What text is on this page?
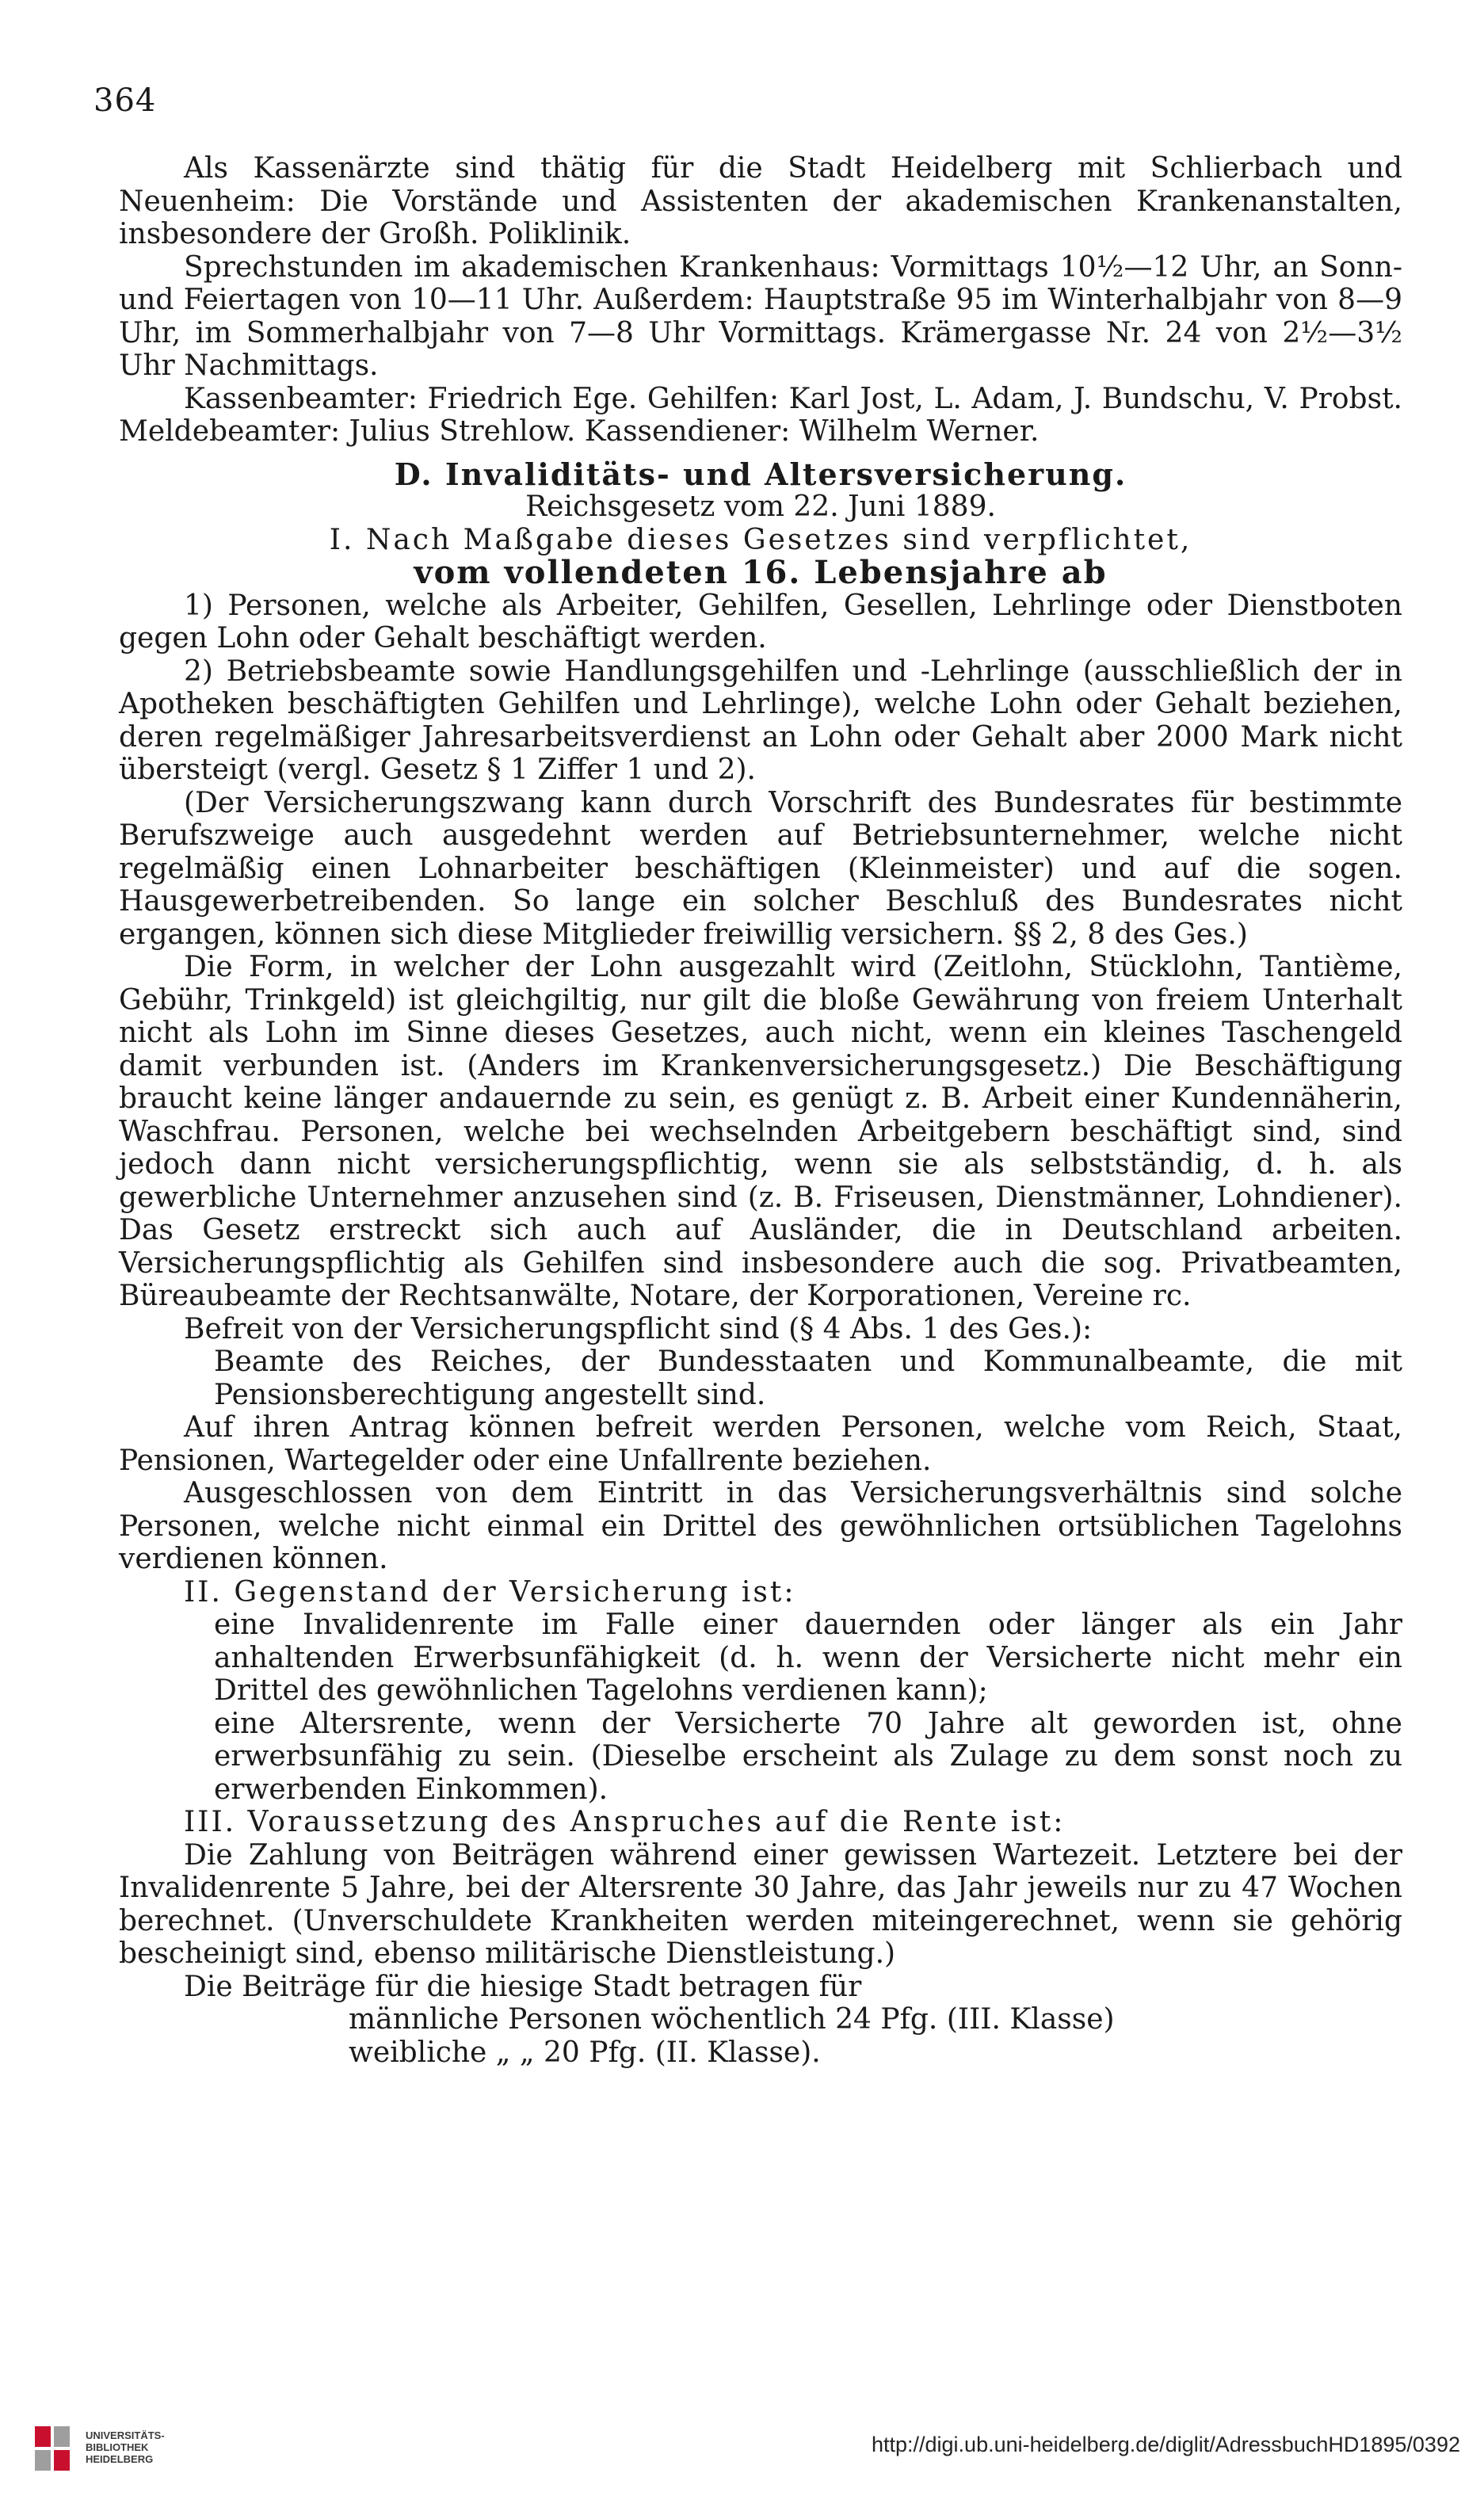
364

Als Kassenärzte sind thätig für die Stadt Heidelberg mit Schlierbach und Neuenheim: Die Vorstände und Assistenten der akademischen Krankenanstalten, insbesondere der Großh. Poliklinik.

Sprechstunden im akademischen Krankenhaus: Vormittags 10½—12 Uhr, an Sonn- und Feiertagen von 10—11 Uhr. Außerdem: Hauptstraße 95 im Winterhalbjahr von 8—9 Uhr, im Sommerhalbjahr von 7—8 Uhr Vormittags. Krämergasse Nr. 24 von 2½—3½ Uhr Nachmittags.

Kassenbeamter: Friedrich Ege. Gehilfen: Karl Jost, L. Adam, J. Bundschu, V. Probst. Meldebeamter: Julius Strehlow. Kassendiener: Wilhelm Werner.

D. Invaliditäts- und Altersversicherung.

Reichsgesetz vom 22. Juni 1889.

I. Nach Maßgabe dieses Gesetzes sind verpflichtet,

vom vollendeten 16. Lebensjahre ab

1) Personen, welche als Arbeiter, Gehilfen, Gesellen, Lehrlinge oder Dienstboten gegen Lohn oder Gehalt beschäftigt werden.

2) Betriebsbeamte sowie Handlungsgehilfen und -Lehrlinge (ausschließlich der in Apotheken beschäftigten Gehilfen und Lehrlinge), welche Lohn oder Gehalt beziehen, deren regelmäßiger Jahresarbeitsverdienst an Lohn oder Gehalt aber 2000 Mark nicht übersteigt (vergl. Gesetz § 1 Ziffer 1 und 2).

(Der Versicherungszwang kann durch Vorschrift des Bundesrates für bestimmte Berufszweige auch ausgedehnt werden auf Betriebsunternehmer, welche nicht regelmäßig einen Lohnarbeiter beschäftigen (Kleinmeister) und auf die sogen. Hausgewerbetreibenden. So lange ein solcher Beschluß des Bundesrates nicht ergangen, können sich diese Mitglieder freiwillig versichern. §§ 2, 8 des Ges.)

Die Form, in welcher der Lohn ausgezahlt wird (Zeitlohn, Stücklohn, Tantième, Gebühr, Trinkgeld) ist gleichgiltig, nur gilt die bloße Gewährung von freiem Unterhalt nicht als Lohn im Sinne dieses Gesetzes, auch nicht, wenn ein kleines Taschengeld damit verbunden ist. (Anders im Krankenversicherungsgesetz.) Die Beschäftigung braucht keine länger andauernde zu sein, es genügt z. B. Arbeit einer Kundennäherin, Waschfrau. Personen, welche bei wechselnden Arbeitgebern beschäftigt sind, sind jedoch dann nicht versicherungspflichtig, wenn sie als selbstständig, d. h. als gewerbliche Unternehmer anzusehen sind (z. B. Friseusen, Dienstmänner, Lohndiener). Das Gesetz erstreckt sich auch auf Ausländer, die in Deutschland arbeiten. Versicherungspflichtig als Gehilfen sind insbesondere auch die sog. Privatbeamten, Büreaubeamte der Rechtsanwälte, Notare, der Korporationen, Vereine rc.

Befreit von der Versicherungspflicht sind (§ 4 Abs. 1 des Ges.):

Beamte des Reiches, der Bundesstaaten und Kommunalbeamte, die mit Pensionsberechtigung angestellt sind.

Auf ihren Antrag können befreit werden Personen, welche vom Reich, Staat, Pensionen, Wartegelder oder eine Unfallrente beziehen.

Ausgeschlossen von dem Eintritt in das Versicherungsverhältnis sind solche Personen, welche nicht einmal ein Drittel des gewöhnlichen ortsüblichen Tagelohns verdienen können.

II. Gegenstand der Versicherung ist:

eine Invalidenrente im Falle einer dauernden oder länger als ein Jahr anhaltenden Erwerbsunfähigkeit (d. h. wenn der Versicherte nicht mehr ein Drittel des gewöhnlichen Tagelohns verdienen kann);

eine Altersrente, wenn der Versicherte 70 Jahre alt geworden ist, ohne erwerbsunfähig zu sein. (Dieselbe erscheint als Zulage zu dem sonst noch zu erwerbenden Einkommen).

III. Voraussetzung des Anspruches auf die Rente ist:

Die Zahlung von Beiträgen während einer gewissen Wartezeit. Letztere bei der Invalidenrente 5 Jahre, bei der Altersrente 30 Jahre, das Jahr jeweils nur zu 47 Wochen berechnet. (Unverschuldete Krankheiten werden miteingerechnet, wenn sie gehörig bescheinigt sind, ebenso militärische Dienstleistung.)

Die Beiträge für die hiesige Stadt betragen für

männliche Personen wöchentlich 24 Pfg. (III. Klasse)

weibliche „ „ 20 Pfg. (II. Klasse).

UNIVERSITÄTS-
BIBLIOTHEK
HEIDELBERG
http://digi.ub.uni-heidelberg.de/diglit/AdressbuchHD1895/0392
